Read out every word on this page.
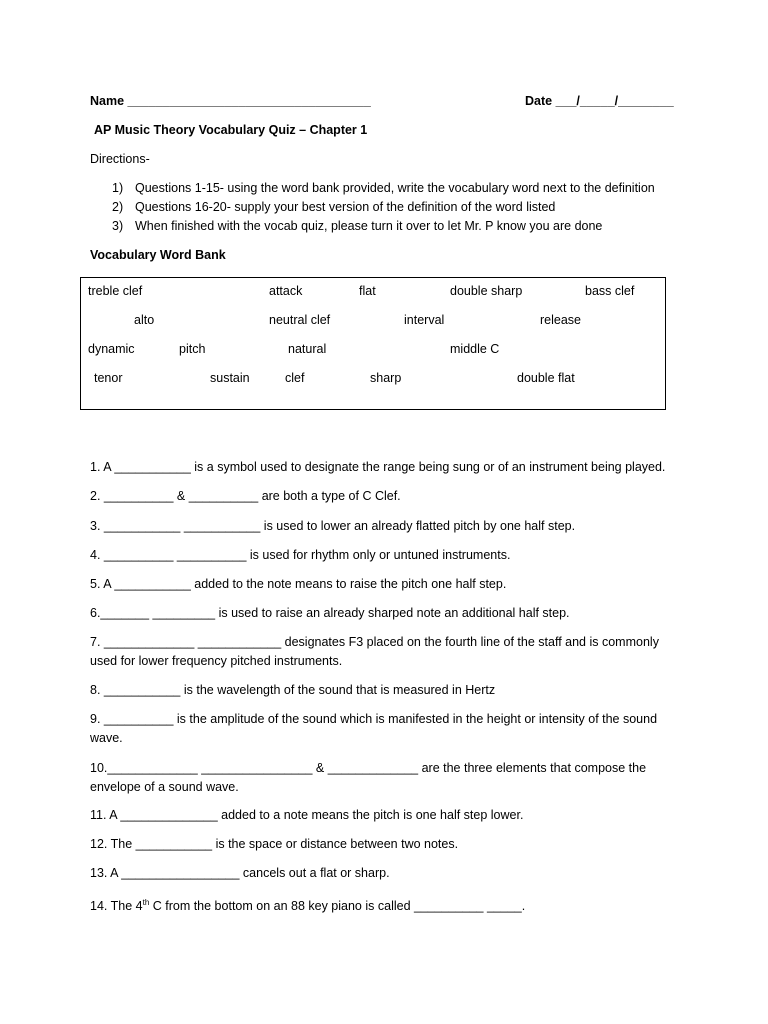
Name ___________________________________	Date ___/_____/________
AP Music Theory Vocabulary Quiz – Chapter 1
Directions-
1) Questions 1-15- using the word bank provided, write the vocabulary word next to the definition
2) Questions 16-20- supply your best version of the definition of the word listed
3) When finished with the vocab quiz, please turn it over to let Mr. P know you are done
Vocabulary Word Bank
treble clef	attack	flat	double sharp	bass clef
alto	neutral clef	interval	release
dynamic	pitch	natural	middle C
tenor	sustain	clef	sharp	double flat
1. A ___________ is a symbol used to designate the range being sung or of an instrument being played.
2. __________ & __________ are both a type of C Clef.
3. ___________ ___________ is used to lower an already flatted pitch by one half step.
4. __________ __________ is used for rhythm only or untuned instruments.
5. A ___________ added to the note means to raise the pitch one half step.
6._______ _________ is used to raise an already sharped note an additional half step.
7. _____________ ____________ designates F3 placed on the fourth line of the staff and is commonly used for lower frequency pitched instruments.
8. ___________ is the wavelength of the sound that is measured in Hertz
9. __________ is the amplitude of the sound which is manifested in the height or intensity of the sound wave.
10._____________ ________________ & _____________ are the three elements that compose the envelope of a sound wave.
11. A ______________ added to a note means the pitch is one half step lower.
12. The ___________ is the space or distance between two notes.
13. A _________________ cancels out a flat or sharp.
14. The 4th C from the bottom on an 88 key piano is called __________ _____.
